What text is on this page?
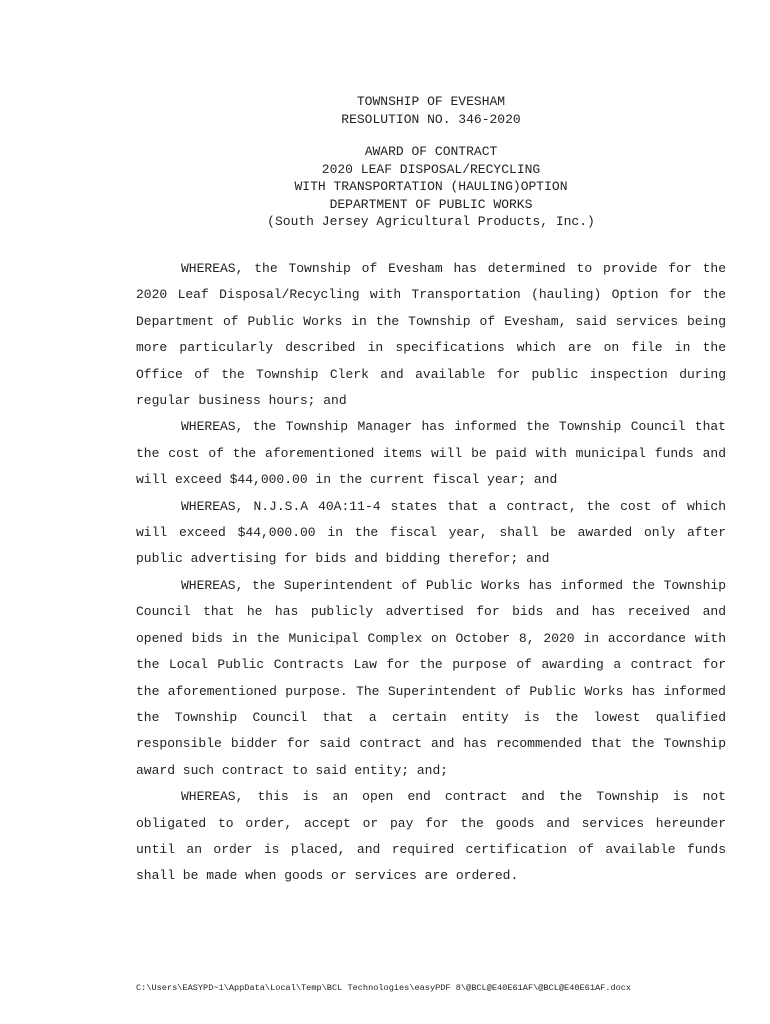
TOWNSHIP OF EVESHAM
RESOLUTION NO. 346-2020
AWARD OF CONTRACT
2020 LEAF DISPOSAL/RECYCLING
WITH TRANSPORTATION (HAULING)OPTION
DEPARTMENT OF PUBLIC WORKS
(South Jersey Agricultural Products, Inc.)

WHEREAS, the Township of Evesham has determined to provide for the 2020 Leaf Disposal/Recycling with Transportation (hauling) Option for the Department of Public Works in the Township of Evesham, said services being more particularly described in specifications which are on file in the Office of the Township Clerk and available for public inspection during regular business hours; and

WHEREAS, the Township Manager has informed the Township Council that the cost of the aforementioned items will be paid with municipal funds and will exceed $44,000.00 in the current fiscal year; and

WHEREAS, N.J.S.A 40A:11-4 states that a contract, the cost of which will exceed $44,000.00 in the fiscal year, shall be awarded only after public advertising for bids and bidding therefor; and

WHEREAS, the Superintendent of Public Works has informed the Township Council that he has publicly advertised for bids and has received and opened bids in the Municipal Complex on October 8, 2020 in accordance with the Local Public Contracts Law for the purpose of awarding a contract for the aforementioned purpose. The Superintendent of Public Works has informed the Township Council that a certain entity is the lowest qualified responsible bidder for said contract and has recommended that the Township award such contract to said entity; and;

WHEREAS, this is an open end contract and the Township is not obligated to order, accept or pay for the goods and services hereunder until an order is placed, and required certification of available funds shall be made when goods or services are ordered.

C:\Users\EASYPD~1\AppData\Local\Temp\BCL Technologies\easyPDF 8\@BCL@E40E61AF\@BCL@E40E61AF.docx
